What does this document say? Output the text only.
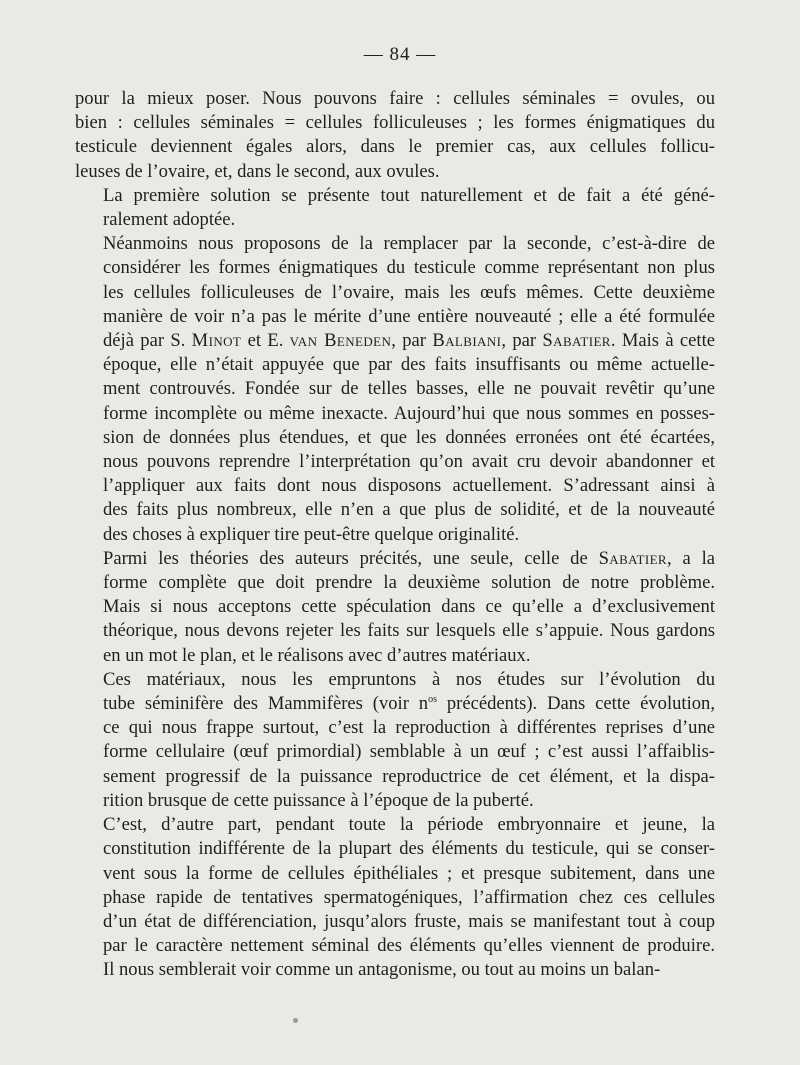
— 84 —

pour la mieux poser. Nous pouvons faire : cellules séminales = ovules, ou
bien : cellules séminales = cellules folliculeuses ; les formes énigmatiques du
testicule deviennent égales alors, dans le premier cas, aux cellules follicu-
leuses de l’ovaire, et, dans le second, aux ovules.

La première solution se présente tout naturellement et de fait a été géné-
ralement adoptée.

Néanmoins nous proposons de la remplacer par la seconde, c’est-à-dire de
considérer les formes énigmatiques du testicule comme représentant non plus
les cellules folliculeuses de l’ovaire, mais les œufs mêmes. Cette deuxième
manière de voir n’a pas le mérite d’une entière nouveauté ; elle a été formulée
déjà par S. Minot et E. van Beneden, par Balbiani, par Sabatier. Mais à cette
époque, elle n’était appuyée que par des faits insuffisants ou même actuelle-
ment controuvés. Fondée sur de telles basses, elle ne pouvait revêtir qu’une
forme incomplète ou même inexacte. Aujourd’hui que nous sommes en posses-
sion de données plus étendues, et que les données erronées ont été écartées,
nous pouvons reprendre l’interprétation qu’on avait cru devoir abandonner et
l’appliquer aux faits dont nous disposons actuellement. S’adressant ainsi à
des faits plus nombreux, elle n’en a que plus de solidité, et de la nouveauté
des choses à expliquer tire peut-être quelque originalité.

Parmi les théories des auteurs précités, une seule, celle de Sabatier, a la
forme complète que doit prendre la deuxième solution de notre problème.
Mais si nous acceptons cette spéculation dans ce qu’elle a d’exclusivement
théorique, nous devons rejeter les faits sur lesquels elle s’appuie. Nous gardons
en un mot le plan, et le réalisons avec d’autres matériaux.

Ces matériaux, nous les empruntons à nos études sur l’évolution du
tube séminifère des Mammifères (voir $n^{os}$ précédents). Dans cette évolution,
ce qui nous frappe surtout, c’est la reproduction à différentes reprises d’une
forme cellulaire (œuf primordial) semblable à un œuf ; c’est aussi l’affaiblis-
sement progressif de la puissance reproductrice de cet élément, et la dispa-
rition brusque de cette puissance à l’époque de la puberté.

C’est, d’autre part, pendant toute la période embryonnaire et jeune, la
constitution indifférente de la plupart des éléments du testicule, qui se conser-
vent sous la forme de cellules épithéliales ; et presque subitement, dans une
phase rapide de tentatives spermatogéniques, l’affirmation chez ces cellules
d’un état de différenciation, jusqu’alors fruste, mais se manifestant tout à coup
par le caractère nettement séminal des éléments qu’elles viennent de produire.
Il nous semblerait voir comme un antagonisme, ou tout au moins un balan-
